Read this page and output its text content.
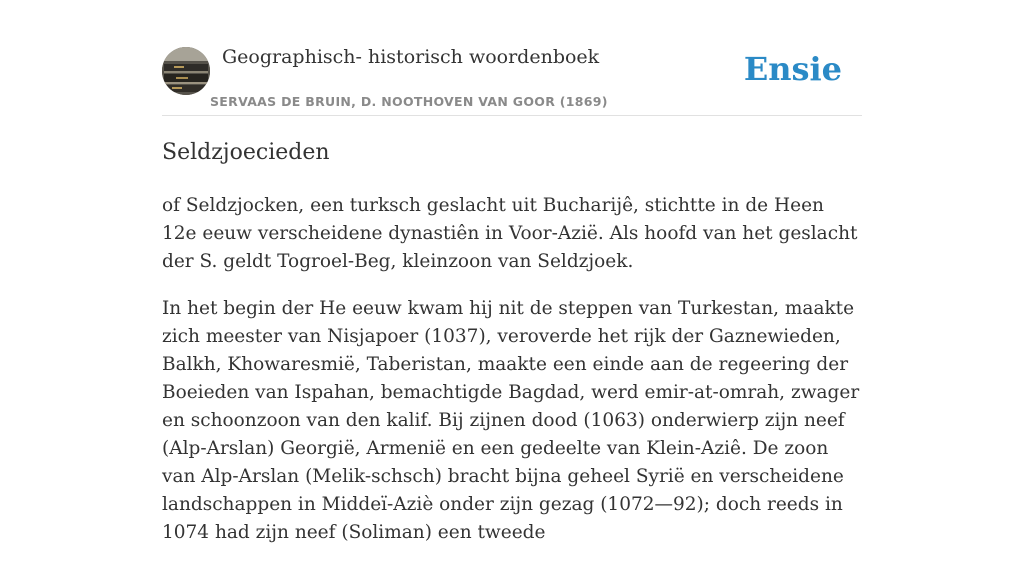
Geographisch- historisch woordenboek
SERVAAS DE BRUIN, D. NOOTHOVEN VAN GOOR (1869)
Ensie
Seldzjoecieden

of Seldzjocken, een turksch geslacht uit Bucharijê, stichtte in de Heen 12e eeuw verscheidene dynastiên in Voor-Azië. Als hoofd van het geslacht der S. geldt Togroel-Beg, kleinzoon van Seldzjoek.

In het begin der He eeuw kwam hij nit de steppen van Turkestan, maakte zich meester van Nisjapoer (1037), veroverde het rijk der Gaznewieden, Balkh, Khowaresmië, Taberistan, maakte een einde aan de regeering der Boeieden van Ispahan, bemachtigde Bagdad, werd emir-at-omrah, zwager en schoonzoon van den kalif. Bij zijnen dood (1063) onderwierp zijn neef (Alp-Arslan) Georgië, Armenië en een gedeelte van Klein-Aziê. De zoon van Alp-Arslan (Melik-schsch) bracht bijna geheel Syrië en verscheidene landschappen in Middeï-Aziè onder zijn gezag (1072—92); doch reeds in 1074 had zijn neef (Soliman) een tweede
